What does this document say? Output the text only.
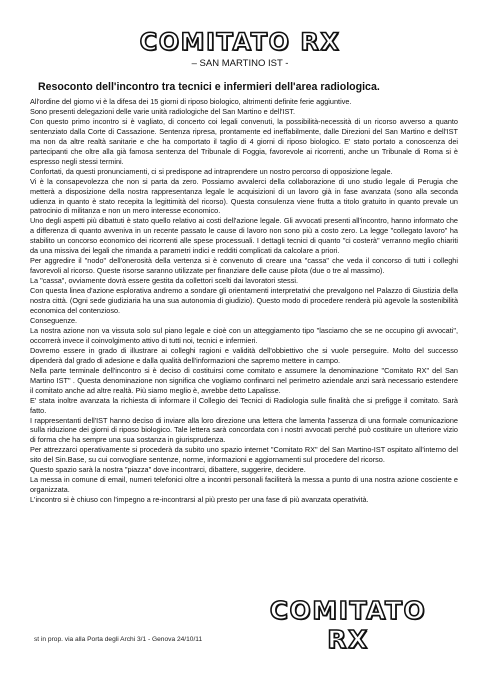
COMITATO RX
– SAN MARTINO IST -
Resoconto dell'incontro tra tecnici e infermieri dell'area radiologica.

All'ordine del giorno vi è la difesa dei 15 giorni di riposo biologico, altrimenti definite ferie aggiuntive.

Sono presenti delegazioni delle varie unità radiologiche del San Martino e dell'IST.

Con questo primo incontro si è vagliato, di concerto coi legali convenuti, la possibilità-necessità di un ricorso avverso a quanto sentenziato dalla Corte di Cassazione. Sentenza ripresa, prontamente ed ineffabilmente, dalle Direzioni del San Martino e dell'IST ma non da altre realtà sanitarie e che ha comportato il taglio di 4 giorni di riposo biologico. E' stato portato a conoscenza dei partecipanti che oltre alla già famosa sentenza del Tribunale di Foggia, favorevole ai ricorrenti, anche un Tribunale di Roma si è espresso negli stessi termini.

Confortati, da questi pronunciamenti, ci si predispone ad intraprendere un nostro percorso di opposizione legale.

Vi è la consapevolezza che non si parta da zero. Possiamo avvalerci della collaborazione di uno studio legale di Perugia che metterà a disposizione della nostra rappresentanza legale le acquisizioni di un lavoro già in fase avanzata (sono alla seconda udienza in quanto è stato recepita la legittimità del ricorso). Questa consulenza viene frutta a titolo gratuito in quanto prevale un patrocinio di militanza e non un mero interesse economico.

Uno degli aspetti più dibattuti è stato quello relativo ai costi dell'azione legale. Gli avvocati presenti all'incontro, hanno informato che a differenza di quanto avveniva in un recente passato le cause di lavoro non sono più a costo zero. La legge "collegato lavoro" ha stabilito un concorso economico dei ricorrenti alle spese processuali. I dettagli tecnici di quanto "ci costerà" verranno meglio chiariti da una missiva dei legali che rimanda a parametri indici e redditi complicati da calcolare a priori.

Per aggredire il "nodo" dell'onerosità della vertenza si è convenuto di creare una "cassa" che veda il concorso di tutti i colleghi favorevoli al ricorso. Queste risorse saranno utilizzate per finanziare delle cause pilota (due o tre al massimo).

La "cassa", ovviamente dovrà essere gestita da collettori scelti dai lavoratori stessi.

Con questa linea d'azione esplorativa andremo a sondare gli orientamenti interpretativi che prevalgono nel Palazzo di Giustizia della nostra città. (Ogni sede giudiziaria ha una sua autonomia di giudizio). Questo modo di procedere renderà più agevole la sostenibilità economica del contenzioso.

Conseguenze.

La nostra azione non va vissuta solo sul piano legale e cioè con un atteggiamento tipo "lasciamo che se ne occupino gli avvocati", occorrerà invece il coinvolgimento attivo di tutti noi, tecnici e infermieri.

Dovremo essere in grado di illustrare ai colleghi ragioni e validità dell'obbiettivo che si vuole perseguire. Molto del successo dipenderà dal grado di adesione e dalla qualità dell'informazioni che sapremo mettere in campo.

Nella parte terminale dell'incontro si è deciso di costituirsi come comitato e assumere la denominazione "Comitato RX" del San Martino IST" . Questa denominazione non significa che vogliamo confinarci nel perimetro aziendale anzi sarà necessario estendere il comitato anche ad altre realtà. Più siamo meglio è, avrebbe detto Lapalisse.

E' stata inoltre avanzata la richiesta di informare il Collegio dei Tecnici di Radiologia sulle finalità che si prefigge il comitato. Sarà fatto.

I rappresentanti dell'IST hanno deciso di inviare alla loro direzione una lettera che lamenta l'assenza di una formale comunicazione sulla riduzione dei giorni di riposo biologico. Tale lettera sarà concordata con i nostri avvocati perché può costituire un ulteriore vizio di forma che ha sempre una sua sostanza in giurisprudenza.

Per attrezzarci operativamente si procederà da subito uno spazio internet "Comitato RX" del San Martino-IST ospitato all'interno del sito del Sin.Base, su cui convogliare sentenze, norme, informazioni e aggiornamenti sul procedere del ricorso.

Questo spazio sarà la nostra "piazza" dove incontrarci, dibattere, suggerire, decidere.

La messa in comune di email, numeri telefonici oltre a incontri personali faciliterà la messa a punto di una nostra azione cosciente e organizzata.

L'incontro si è chiuso con l'impegno a re-incontrarsi al più presto per una fase di più avanzata operatività.

COMITATO RX
st in prop. via alla Porta degli Archi 3/1 - Genova 24/10/11
